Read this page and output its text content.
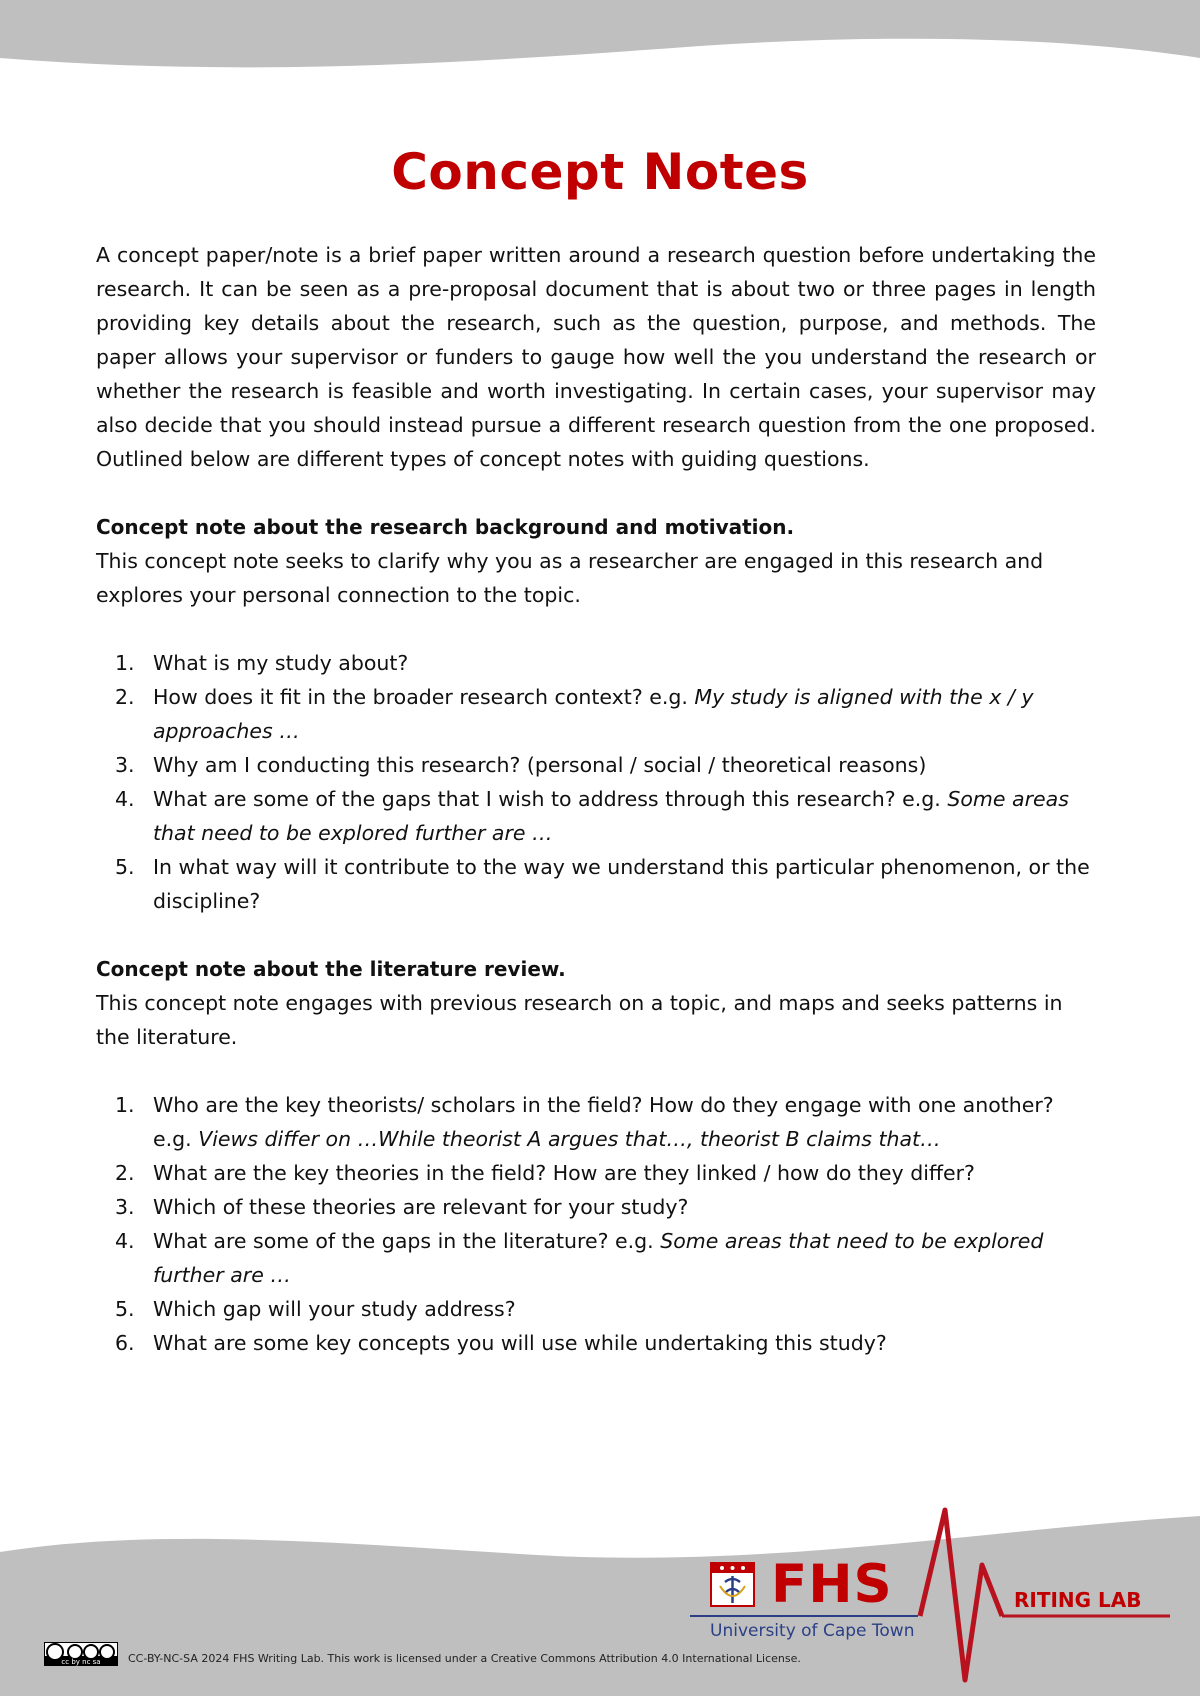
Concept Notes

A concept paper/note is a brief paper written around a research question before undertaking the research. It can be seen as a pre-proposal document that is about two or three pages in length providing key details about the research, such as the question, purpose, and methods. The paper allows your supervisor or funders to gauge how well the you understand the research or whether the research is feasible and worth investigating. In certain cases, your supervisor may also decide that you should instead pursue a different research question from the one proposed. Outlined below are different types of concept notes with guiding questions.

Concept note about the research background and motivation.

This concept note seeks to clarify why you as a researcher are engaged in this research and explores your personal connection to the topic.

1. What is my study about?
2. How does it fit in the broader research context? e.g. My study is aligned with the x / y approaches …
3. Why am I conducting this research? (personal / social / theoretical reasons)
4. What are some of the gaps that I wish to address through this research? e.g. Some areas that need to be explored further are …
5. In what way will it contribute to the way we understand this particular phenomenon, or the discipline?

Concept note about the literature review.

This concept note engages with previous research on a topic, and maps and seeks patterns in the literature.

1. Who are the key theorists/ scholars in the field? How do they engage with one another? e.g. Views differ on …While theorist A argues that…, theorist B claims that…
2. What are the key theories in the field? How are they linked / how do they differ?
3. Which of these theories are relevant for your study?
4. What are some of the gaps in the literature? e.g. Some areas that need to be explored further are …
5. Which gap will your study address?
6. What are some key concepts you will use while undertaking this study?

FHS

University of Cape Town

RITING LAB

cc by nc sa CC-BY-NC-SA 2024 FHS Writing Lab. This work is licensed under a Creative Commons Attribution 4.0 International License.
